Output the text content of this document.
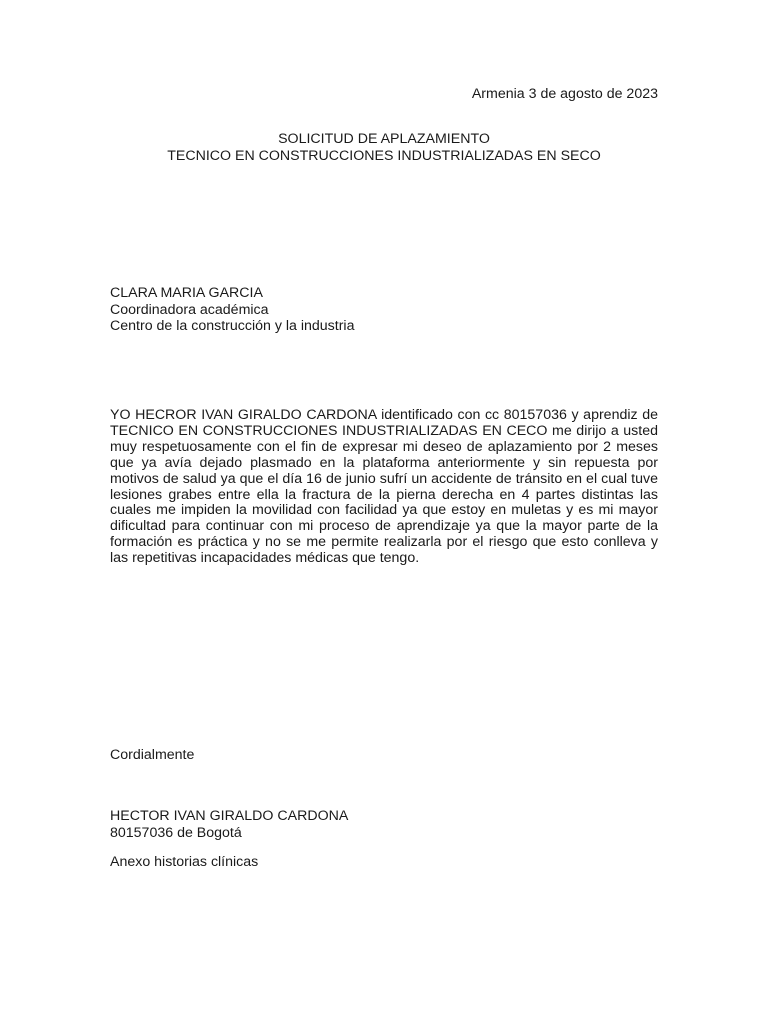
Armenia 3 de agosto de 2023
SOLICITUD DE APLAZAMIENTO
TECNICO EN CONSTRUCCIONES INDUSTRIALIZADAS EN SECO
CLARA MARIA GARCIA
Coordinadora académica
Centro de la construcción y la industria
YO HECROR IVAN GIRALDO CARDONA identificado con cc 80157036 y aprendiz de TECNICO EN CONSTRUCCIONES INDUSTRIALIZADAS EN CECO me dirijo a usted muy respetuosamente con el fin de expresar mi deseo de aplazamiento por 2 meses que ya avía dejado plasmado en la plataforma anteriormente y sin repuesta por motivos de salud ya que el día 16 de junio sufrí un accidente de tránsito en el cual tuve lesiones grabes entre ella la fractura de la pierna derecha en 4 partes distintas las cuales me impiden la movilidad con facilidad ya que estoy en muletas y es mi mayor dificultad para continuar con mi proceso de aprendizaje ya que la mayor parte de la formación es práctica y no se me permite realizarla por el riesgo que esto conlleva y las repetitivas incapacidades médicas que tengo.
Cordialmente
HECTOR IVAN GIRALDO CARDONA
80157036 de Bogotá
Anexo historias clínicas
